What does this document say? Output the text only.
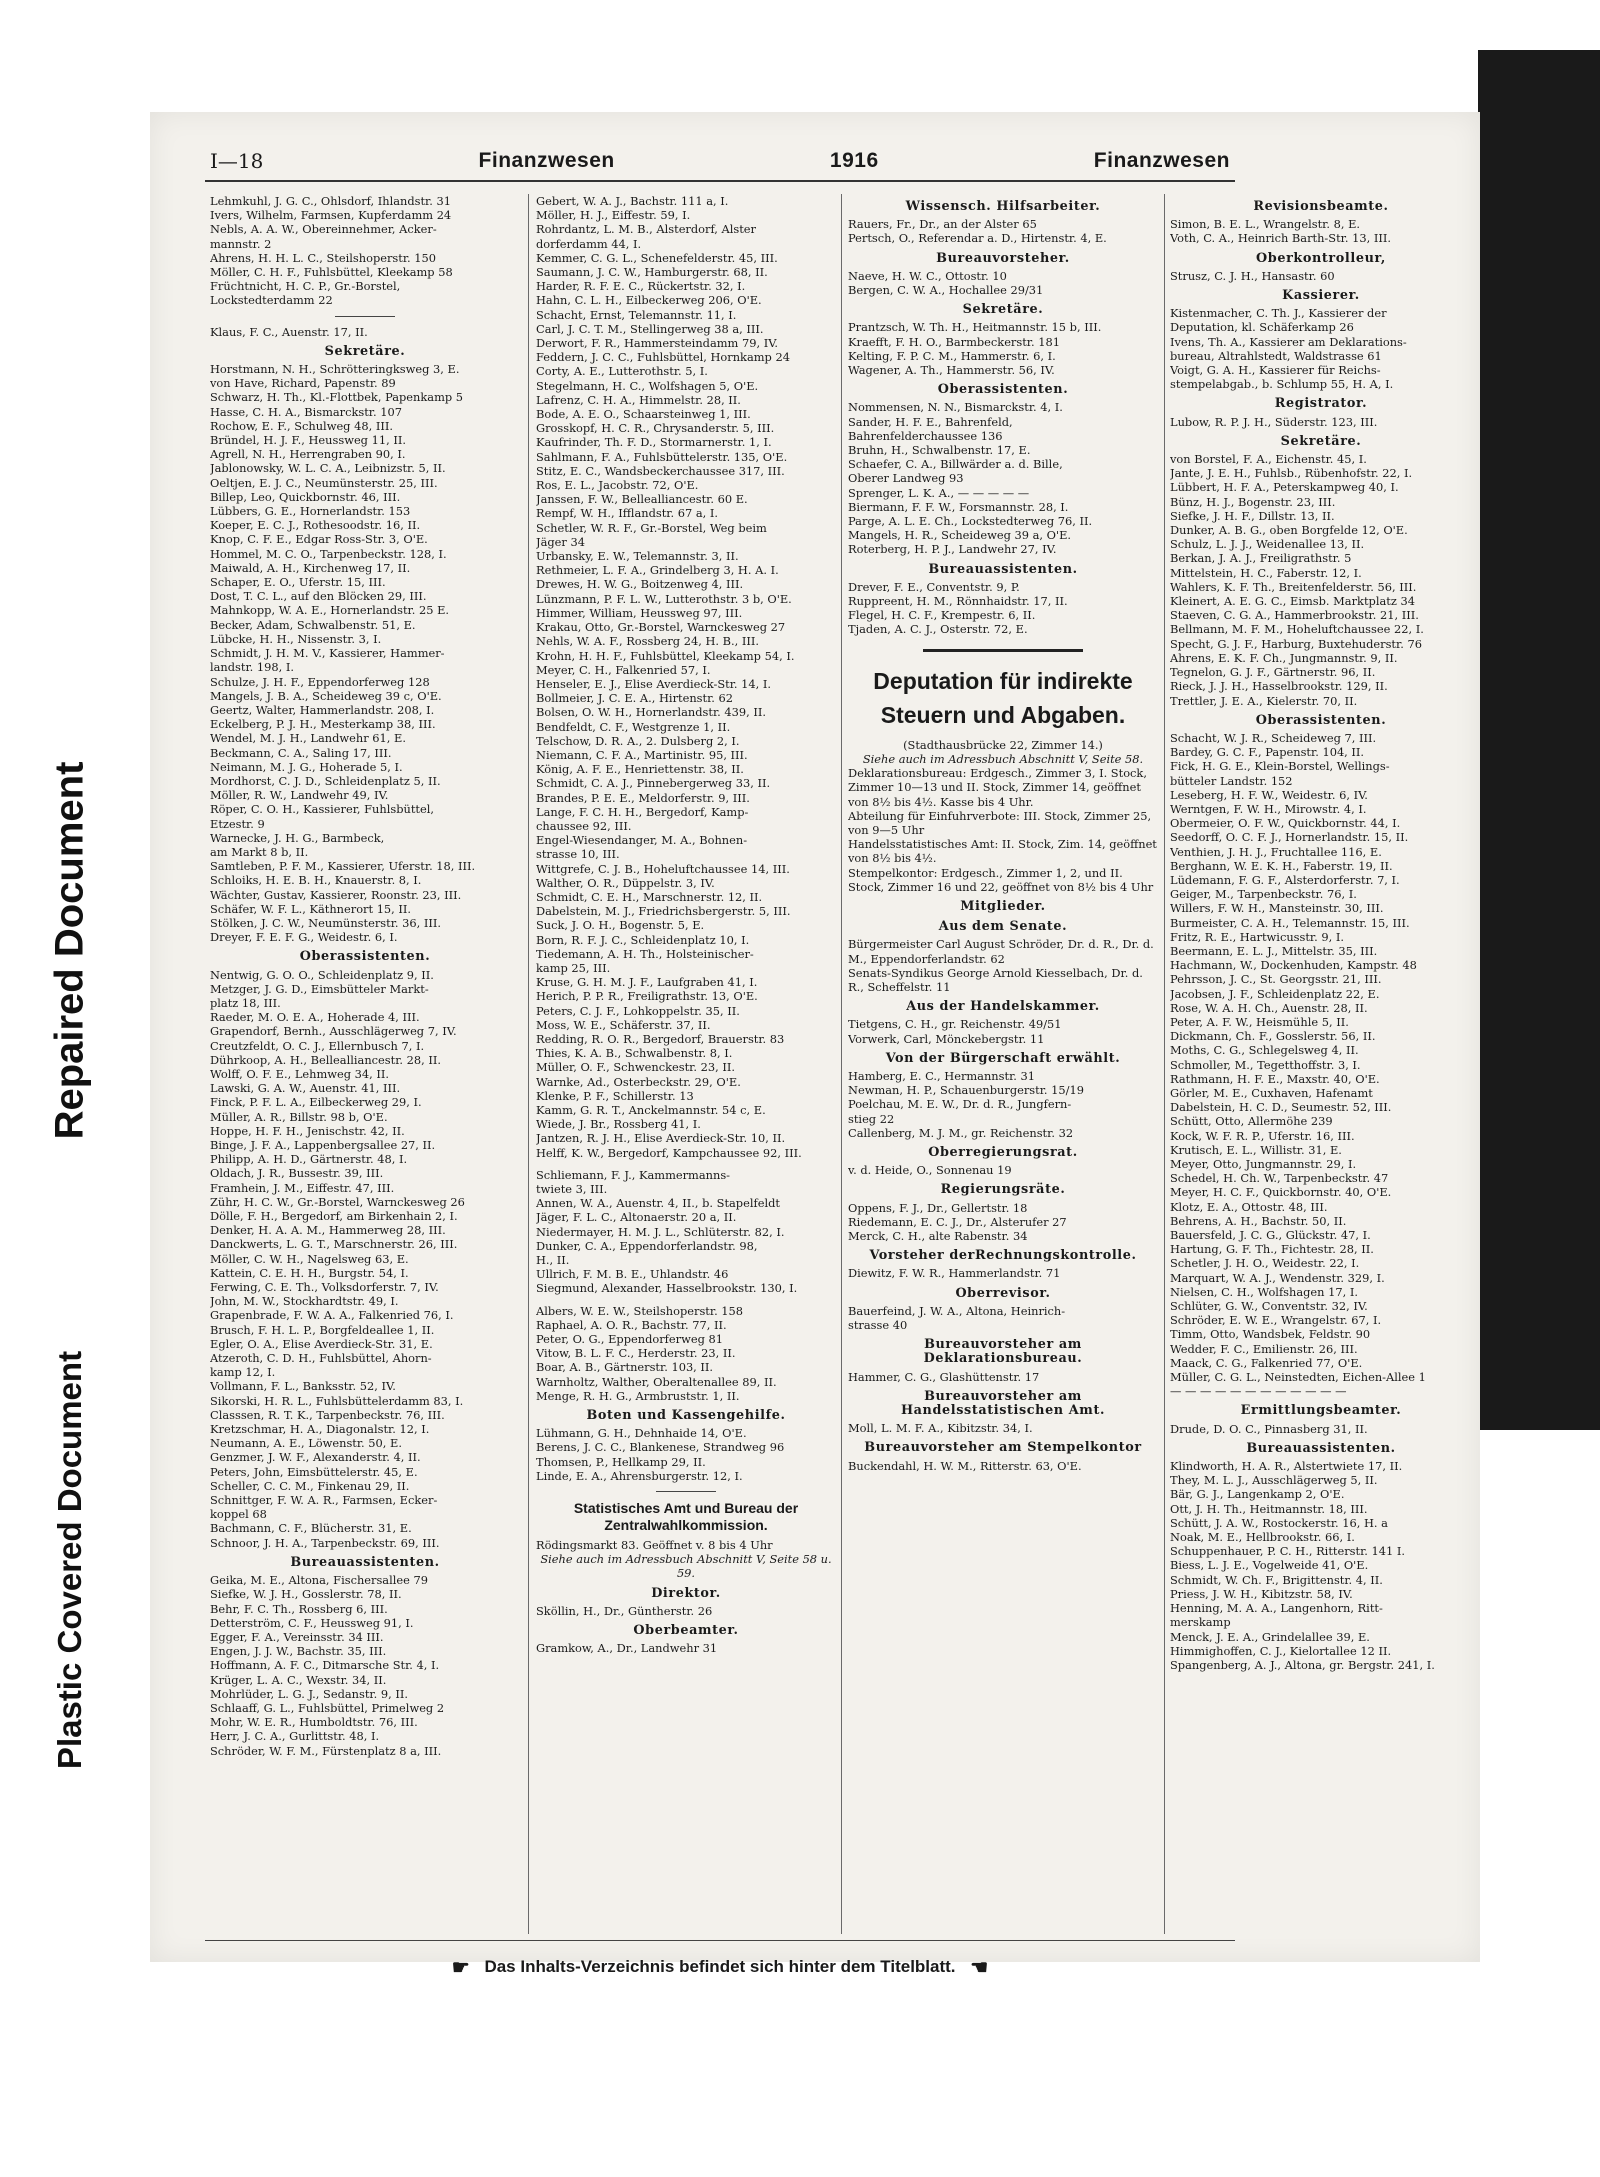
Repaired Document
Plastic Covered Document
I—18	Finanzwesen	1916	Finanzwesen
Lehmkuhl, J. G. C., Ohlsdorf, Ihlandstr. 31
Ivers, Wilhelm, Farmsen, Kupferdamm 24
Nebls, A. A. W., Obereinnehmer, Acker-
mannstr. 2
Ahrens, H. H. L. C., Steilshoperstr. 150
Möller, C. H. F., Fuhlsbüttel, Kleekamp 58
Früchtnicht, H. C. P., Gr.-Borstel,
Lockstedterdamm 22
Klaus, F. C., Auenstr. 17, II.
Sekretäre.
Horstmann, N. H., Schrötteringksweg 3, E.
von Have, Richard, Papenstr. 89
Schwarz, H. Th., Kl.-Flottbek, Papenkamp 5
Hasse, C. H. A., Bismarckstr. 107
Rochow, E. F., Schulweg 48, III.
Bründel, H. J. F., Heussweg 11, II.
Agrell, N. H., Herrengraben 90, I.
Jablonowsky, W. L. C. A., Leibnizstr. 5, II.
Oeltjen, E. J. C., Neumünsterstr. 25, III.
Billep, Leo, Quickbornstr. 46, III.
Lübbers, G. E., Hornerlandstr. 153
Koeper, E. C. J., Rothesoodstr. 16, II.
Knop, C. F. E., Edgar Ross-Str. 3, O'E.
Hommel, M. C. O., Tarpenbeckstr. 128, I.
Maiwald, A. H., Kirchenweg 17, II.
Schaper, E. O., Uferstr. 15, III.
Dost, T. C. L., auf den Blöcken 29, III.
Mahnkopp, W. A. E., Hornerlandstr. 25 E.
Becker, Adam, Schwalbenstr. 51, E.
Lübcke, H. H., Nissenstr. 3, I.
Schmidt, J. H. M. V., Kassierer, Hammer-
landstr. 198, I.
Schulze, J. H. F., Eppendorferweg 128
Mangels, J. B. A., Scheideweg 39 c, O'E.
Geertz, Walter, Hammerlandstr. 208, I.
Eckelberg, P. J. H., Mesterkamp 38, III.
Wendel, M. J. H., Landwehr 61, E.
Beckmann, C. A., Saling 17, III.
Neimann, M. J. G., Hoherade 5, I.
Mordhorst, C. J. D., Schleidenplatz 5, II.
Möller, R. W., Landwehr 49, IV.
Röper, C. O. H., Kassierer, Fuhlsbüttel,
Etzestr. 9
Warnecke, J. H. G., Barmbeck,
am Markt 8 b, II.
Samtleben, P. F. M., Kassierer, Uferstr. 18, III.
Schloiks, H. E. B. H., Knauerstr. 8, I.
Wächter, Gustav, Kassierer, Roonstr. 23, III.
Schäfer, W. F. L., Käthnerort 15, II.
Stölken, J. C. W., Neumünsterstr. 36, III.
Dreyer, F. E. F. G., Weidestr. 6, I.
Oberassistenten.
Nentwig, G. O. O., Schleidenplatz 9, II.
Metzger, J. G. D., Eimsbütteler Markt-
platz 18, III.
Raeder, M. O. E. A., Hoherade 4, III.
Grapendorf, Bernh., Ausschlägerweg 7, IV.
Creutzfeldt, O. C. J., Ellernbusch 7, I.
Dührkoop, A. H., Bellealliancestr. 28, II.
Wolff, O. F. E., Lehmweg 34, II.
Lawski, G. A. W., Auenstr. 41, III.
Finck, P. F. L. A., Eilbeckerweg 29, I.
Müller, A. R., Billstr. 98 b, O'E.
Hoppe, H. F. H., Jenischstr. 42, II.
Binge, J. F. A., Lappenbergsallee 27, II.
Philipp, A. H. D., Gärtnerstr. 48, I.
Oldach, J. R., Bussestr. 39, III.
Framhein, J. M., Eiffestr. 47, III.
Zühr, H. C. W., Gr.-Borstel, Warnckesweg 26
Dölle, F. H., Bergedorf, am Birkenhain 2, I.
Denker, H. A. A. M., Hammerweg 28, III.
Danckwerts, L. G. T., Marschnerstr. 26, III.
Möller, C. W. H., Nagelsweg 63, E.
Kattein, C. E. H. H., Burgstr. 54, I.
Ferwing, C. E. Th., Volksdorferstr. 7, IV.
John, M. W., Stockhardtstr. 49, I.
Grapenbrade, F. W. A. A., Falkenried 76, I.
Brusch, F. H. L. P., Borgfeldeallee 1, II.
Egler, O. A., Elise Averdieck-Str. 31, E.
Atzeroth, C. D. H., Fuhlsbüttel, Ahorn-
kamp 12, I.
Vollmann, F. L., Banksstr. 52, IV.
Sikorski, H. R. L., Fuhlsbüttelerdamm 83, I.
Classsen, R. T. K., Tarpenbeckstr. 76, III.
Kretzschmar, H. A., Diagonalstr. 12, I.
Neumann, A. E., Löwenstr. 50, E.
Genzmer, J. W. F., Alexanderstr. 4, II.
Peters, John, Eimsbüttelerstr. 45, E.
Scheller, C. C. M., Finkenau 29, II.
Schnittger, F. W. A. R., Farmsen, Ecker-
koppel 68
Bachmann, C. F., Blücherstr. 31, E.
Schnoor, J. H. A., Tarpenbeckstr. 69, III.
Bureauassistenten.
Geika, M. E., Altona, Fischersallee 79
Siefke, W. J. H., Gosslerstr. 78, II.
Behr, F. C. Th., Rossberg 6, III.
Detterström, C. F., Heussweg 91, I.
Egger, F. A., Vereinsstr. 34 III.
Engen, J. J. W., Bachstr. 35, III.
Hoffmann, A. F. C., Ditmarsche Str. 4, I.
Krüger, L. A. C., Wexstr. 34, II.
Mohrlüder, L. G. J., Sedanstr. 9, II.
Schlaaff, G. L., Fuhlsbüttel, Primelweg 2
Mohr, W. E. R., Humboldtstr. 76, III.
Herr, J. C. A., Gurlittstr. 48, I.
Schröder, W. F. M., Fürstenplatz 8 a, III.
Gebert, W. A. J., Bachstr. 111 a, I.
Möller, H. J., Eiffestr. 59, I.
Rohrdantz, L. M. B., Alsterdorf, Alster
dorferdamm 44, I.
Kemmer, C. G. L., Schenefelderstr. 45, III.
Saumann, J. C. W., Hamburgerstr. 68, II.
Harder, R. F. E. C., Rückertstr. 32, I.
Hahn, C. L. H., Eilbeckerweg 206, O'E.
Schacht, Ernst, Telemannstr. 11, I.
Carl, J. C. T. M., Stellingerweg 38 a, III.
Derwort, F. R., Hammersteindamm 79, IV.
Feddern, J. C. C., Fuhlsbüttel, Hornkamp 24
Corty, A. E., Lutterothstr. 5, I.
Stegelmann, H. C., Wolfshagen 5, O'E.
Lafrenz, C. H. A., Himmelstr. 28, II.
Bode, A. E. O., Schaarsteinweg 1, III.
Grosskopf, H. C. R., Chrysanderstr. 5, III.
Kaufrinder, Th. F. D., Stormarnerstr. 1, I.
Sahlmann, F. A., Fuhlsbüttelerstr. 135, O'E.
Stitz, E. C., Wandsbeckerchaussee 317, III.
Ros, E. L., Jacobstr. 72, O'E.
Janssen, F. W., Bellealliancestr. 60 E.
Rempf, W. H., Ifflandstr. 67 a, I.
Schetler, W. R. F., Gr.-Borstel, Weg beim
Jäger 34
Urbansky, E. W., Telemannstr. 3, II.
Rethmeier, L. F. A., Grindelberg 3, H. A. I.
Drewes, H. W. G., Boitzenweg 4, III.
Lünzmann, P. F. L. W., Lutterothstr. 3 b, O'E.
Himmer, William, Heussweg 97, III.
Krakau, Otto, Gr.-Borstel, Warnckesweg 27
Nehls, W. A. F., Rossberg 24, H. B., III.
Krohn, H. H. F., Fuhlsbüttel, Kleekamp 54, I.
Meyer, C. H., Falkenried 57, I.
Henseler, E. J., Elise Averdieck-Str. 14, I.
Bollmeier, J. C. E. A., Hirtenstr. 62
Bolsen, O. W. H., Hornerlandstr. 439, II.
Bendfeldt, C. F., Westgrenze 1, II.
Telschow, D. R. A., 2. Dulsberg 2, I.
Niemann, C. F. A., Martinistr. 95, III.
König, A. F. E., Henriettenstr. 38, II.
Schmidt, C. A. J., Pinnebergerweg 33, II.
Brandes, P. E. E., Meldorferstr. 9, III.
Lange, F. C. H. H., Bergedorf, Kamp-
chaussee 92, III.
Engel-Wiesendanger, M. A., Bohnen-
strasse 10, III.
Wittgrefe, C. J. B., Hoheluftchaussee 14, III.
Walther, O. R., Düppelstr. 3, IV.
Schmidt, C. E. H., Marschnerstr. 12, II.
Dabelstein, M. J., Friedrichsbergerstr. 5, III.
Suck, J. O. H., Bogenstr. 5, E.
Born, R. F. J. C., Schleidenplatz 10, I.
Tiedemann, A. H. Th., Holsteinischer-
kamp 25, III.
Kruse, G. H. M. J. F., Laufgraben 41, I.
Herich, P. P. R., Freiligrathstr. 13, O'E.
Peters, C. J. F., Lohkoppelstr. 35, II.
Moss, W. E., Schäferstr. 37, II.
Redding, R. O. R., Bergedorf, Brauerstr. 83
Thies, K. A. B., Schwalbenstr. 8, I.
Müller, O. F., Schwenckestr. 23, II.
Warnke, Ad., Osterbeckstr. 29, O'E.
Klenke, P. F., Schillerstr. 13
Kamm, G. R. T., Anckelmannstr. 54 c, E.
Wiede, J. Br., Rossberg 41, I.
Jantzen, R. J. H., Elise Averdieck-Str. 10, II.
Helff, K. W., Bergedorf, Kampchaussee 92, III.
Schliemann, F. J., Kammermanns-
twiete 3, III.
Annen, W. A., Auenstr. 4, II., b. Stapelfeldt
Jäger, F. L. C., Altonaerstr. 20 a, II.
Niedermayer, H. M. J. L., Schlüterstr. 82, I.
Dunker, C. A., Eppendorferlandstr. 98,
H., II.
Ullrich, F. M. B. E., Uhlandstr. 46
Siegmund, Alexander, Hasselbrookstr. 130, I.
Albers, W. E. W., Steilshoperstr. 158
Raphael, A. O. R., Bachstr. 77, II.
Peter, O. G., Eppendorferweg 81
Vitow, B. L. F. C., Herderstr. 23, II.
Boar, A. B., Gärtnerstr. 103, II.
Warnholtz, Walther, Oberaltenallee 89, II.
Menge, R. H. G., Armbruststr. 1, II.
Boten und Kassengehilfe.
Lühmann, G. H., Dehnhaide 14, O'E.
Berens, J. C. C., Blankenese, Strandweg 96
Thomsen, P., Hellkamp 29, II.
Linde, E. A., Ahrensburgerstr. 12, I.
Statistisches Amt und Bureau der Zentralwahlkommission.
Rödingsmarkt 83. Geöffnet v. 8 bis 4 Uhr
Siehe auch im Adressbuch Abschnitt V, Seite 58 u. 59.
Direktor.
Sköllin, H., Dr., Güntherstr. 26
Oberbeamter.
Gramkow, A., Dr., Landwehr 31
Wissensch. Hilfsarbeiter.
Rauers, Fr., Dr., an der Alster 65
Pertsch, O., Referendar a. D., Hirtenstr. 4, E.
Bureauvorsteher.
Naeve, H. W. C., Ottostr. 10
Bergen, C. W. A., Hochallee 29/31
Sekretäre.
Prantzsch, W. Th. H., Heitmannstr. 15 b, III.
Kraefft, F. H. O., Barmbeckerstr. 181
Kelting, F. P. C. M., Hammerstr. 6, I.
Wagener, A. Th., Hammerstr. 56, IV.
Oberassistenten.
Nommensen, N. N., Bismarckstr. 4, I.
Sander, H. F. E., Bahrenfeld,
Bahrenfelderchaussee 136
Bruhn, H., Schwalbenstr. 17, E.
Schaefer, C. A., Billwärder a. d. Bille,
Oberer Landweg 93
Sprenger, L. K. A., — — — — —
Biermann, F. F. W., Forsmannstr. 28, I.
Parge, A. L. E. Ch., Lockstedterweg 76, II.
Mangels, H. R., Scheideweg 39 a, O'E.
Roterberg, H. P. J., Landwehr 27, IV.
Bureauassistenten.
Drever, F. E., Conventstr. 9, P.
Ruppreent, H. M., Rönnhaidstr. 17, II.
Flegel, H. C. F., Krempestr. 6, II.
Tjaden, A. C. J., Osterstr. 72, E.
Deputation für indirekte Steuern und Abgaben.
(Stadthausbrücke 22, Zimmer 14.)
Siehe auch im Adressbuch Abschnitt V, Seite 58.
Deklarationsbureau: Erdgesch., Zimmer 3, I. Stock, Zimmer 10—13 und II. Stock, Zimmer 14, geöffnet von 8½ bis 4½. Kasse bis 4 Uhr.
Abteilung für Einfuhrverbote: III. Stock, Zimmer 25, von 9—5 Uhr
Handelsstatistisches Amt: II. Stock, Zim. 14, geöffnet von 8½ bis 4½.
Stempelkontor: Erdgesch., Zimmer 1, 2, und II. Stock, Zimmer 16 und 22, geöffnet von 8½ bis 4 Uhr
Mitglieder.
Aus dem Senate.
Bürgermeister Carl August Schröder, Dr. d. R., Dr. d. M., Eppendorferlandstr. 62
Senats-Syndikus George Arnold Kiesselbach, Dr. d. R., Scheffelstr. 11
Aus der Handelskammer.
Tietgens, C. H., gr. Reichenstr. 49/51
Vorwerk, Carl, Mönckebergstr. 11
Von der Bürgerschaft erwählt.
Hamberg, E. C., Hermannstr. 31
Newman, H. P., Schauenburgerstr. 15/19
Poelchau, M. E. W., Dr. d. R., Jungfern-
stieg 22
Callenberg, M. J. M., gr. Reichenstr. 32
Oberregierungsrat.
v. d. Heide, O., Sonnenau 19
Regierungsräte.
Oppens, F. J., Dr., Gellertstr. 18
Riedemann, E. C. J., Dr., Alsterufer 27
Merck, C. H., alte Rabenstr. 34
Vorsteher derRechnungskontrolle.
Diewitz, F. W. R., Hammerlandstr. 71
Oberrevisor.
Bauerfeind, J. W. A., Altona, Heinrich-
strasse 40
Bureauvorsteher am Deklarationsbureau.
Hammer, C. G., Glashüttenstr. 17
Bureauvorsteher am Handelsstatistischen Amt.
Moll, L. M. F. A., Kibitzstr. 34, I.
Bureauvorsteher am Stempelkontor
Buckendahl, H. W. M., Ritterstr. 63, O'E.
Revisionsbeamte.
Simon, B. E. L., Wrangelstr. 8, E.
Voth, C. A., Heinrich Barth-Str. 13, III.
Oberkontrolleur,
Strusz, C. J. H., Hansastr. 60
Kassierer.
Kistenmacher, C. Th. J., Kassierer der
Deputation, kl. Schäferkamp 26
Ivens, Th. A., Kassierer am Deklarations-
bureau, Altrahlstedt, Waldstrasse 61
Voigt, G. A. H., Kassierer für Reichs-
stempelabgab., b. Schlump 55, H. A, I.
Registrator.
Lubow, R. P. J. H., Süderstr. 123, III.
Sekretäre.
von Borstel, F. A., Eichenstr. 45, I.
Jante, J. E. H., Fuhlsb., Rübenhofstr. 22, I.
Lübbert, H. F. A., Peterskampweg 40, I.
Bünz, H. J., Bogenstr. 23, III.
Siefke, J. H. F., Dillstr. 13, II.
Dunker, A. B. G., oben Borgfelde 12, O'E.
Schulz, L. J. J., Weidenallee 13, II.
Berkan, J. A. J., Freiligrathstr. 5
Mittelstein, H. C., Faberstr. 12, I.
Wahlers, K. F. Th., Breitenfelderstr. 56, III.
Kleinert, A. E. G. C., Eimsb. Marktplatz 34
Staeven, C. G. A., Hammerbrookstr. 21, III.
Bellmann, M. F. M., Hoheluftchaussee 22, I.
Specht, G. J. F., Harburg, Buxtehuderstr. 76
Ahrens, E. K. F. Ch., Jungmannstr. 9, II.
Tegnelon, G. J. F., Gärtnerstr. 96, II.
Rieck, J. J. H., Hasselbrookstr. 129, II.
Trettler, J. E. A., Kielerstr. 70, II.
Oberassistenten.
Schacht, W. J. R., Scheideweg 7, III.
Bardey, G. C. F., Papenstr. 104, II.
Fick, H. G. E., Klein-Borstel, Wellings-
bütteler Landstr. 152
Leseberg, H. F. W., Weidestr. 6, IV.
Werntgen, F. W. H., Mirowstr. 4, I.
Obermeier, O. F. W., Quickbornstr. 44, I.
Seedorff, O. C. F. J., Hornerlandstr. 15, II.
Venthien, J. H. J., Fruchtallee 116, E.
Berghann, W. E. K. H., Faberstr. 19, II.
Lüdemann, F. G. F., Alsterdorferstr. 7, I.
Geiger, M., Tarpenbeckstr. 76, I.
Willers, F. W. H., Mansteinstr. 30, III.
Burmeister, C. A. H., Telemannstr. 15, III.
Fritz, R. E., Hartwicusstr. 9, I.
Beermann, E. L. J., Mittelstr. 35, III.
Hachmann, W., Dockenhuden, Kampstr. 48
Pehrsson, J. C., St. Georgsstr. 21, III.
Jacobsen, J. F., Schleidenplatz 22, E.
Rose, W. A. H. Ch., Auenstr. 28, II.
Peter, A. F. W., Heismühle 5, II.
Dickmann, Ch. F., Gosslerstr. 56, II.
Moths, C. G., Schlegelsweg 4, II.
Schmoller, M., Tegetthoffstr. 3, I.
Rathmann, H. F. E., Maxstr. 40, O'E.
Görler, M. E., Cuxhaven, Hafenamt
Dabelstein, H. C. D., Seumestr. 52, III.
Schütt, Otto, Allermöhe 239
Kock, W. F. R. P., Uferstr. 16, III.
Krutisch, E. L., Willistr. 31, E.
Meyer, Otto, Jungmannstr. 29, I.
Schedel, H. Ch. W., Tarpenbeckstr. 47
Meyer, H. C. F., Quickbornstr. 40, O'E.
Klotz, E. A., Ottostr. 48, III.
Behrens, A. H., Bachstr. 50, II.
Bauersfeld, J. C. G., Glückstr. 47, I.
Hartung, G. F. Th., Fichtestr. 28, II.
Schetler, J. H. O., Weidestr. 22, I.
Marquart, W. A. J., Wendenstr. 329, I.
Nielsen, C. H., Wolfshagen 17, I.
Schlüter, G. W., Conventstr. 32, IV.
Schröder, E. W. E., Wrangelstr. 67, I.
Timm, Otto, Wandsbek, Feldstr. 90
Wedder, F. C., Emilienstr. 26, III.
Maack, C. G., Falkenried 77, O'E.
Müller, C. G. L., Neinstedten, Eichen-Allee 1
— — — — — — — — — — — —
Ermittlungsbeamter.
Drude, D. O. C., Pinnasberg 31, II.
Bureauassistenten.
Klindworth, H. A. R., Alstertwiete 17, II.
They, M. L. J., Ausschlägerweg 5, II.
Bär, G. J., Langenkamp 2, O'E.
Ott, J. H. Th., Heitmannstr. 18, III.
Schütt, J. A. W., Rostockerstr. 16, H. a
Noak, M. E., Hellbrookstr. 66, I.
Schuppenhauer, P. C. H., Ritterstr. 141 I.
Biess, L. J. E., Vogelweide 41, O'E.
Schmidt, W. Ch. F., Brigittenstr. 4, II.
Priess, J. W. H., Kibitzstr. 58, IV.
Henning, M. A. A., Langenhorn, Ritt-
merskamp
Menck, J. E. A., Grindelallee 39, E.
Himmighoffen, C. J., Kielortallee 12 II.
Spangenberg, A. J., Altona, gr. Bergstr. 241, I.
☛ Das Inhalts-Verzeichnis befindet sich hinter dem Titelblatt. ☚
